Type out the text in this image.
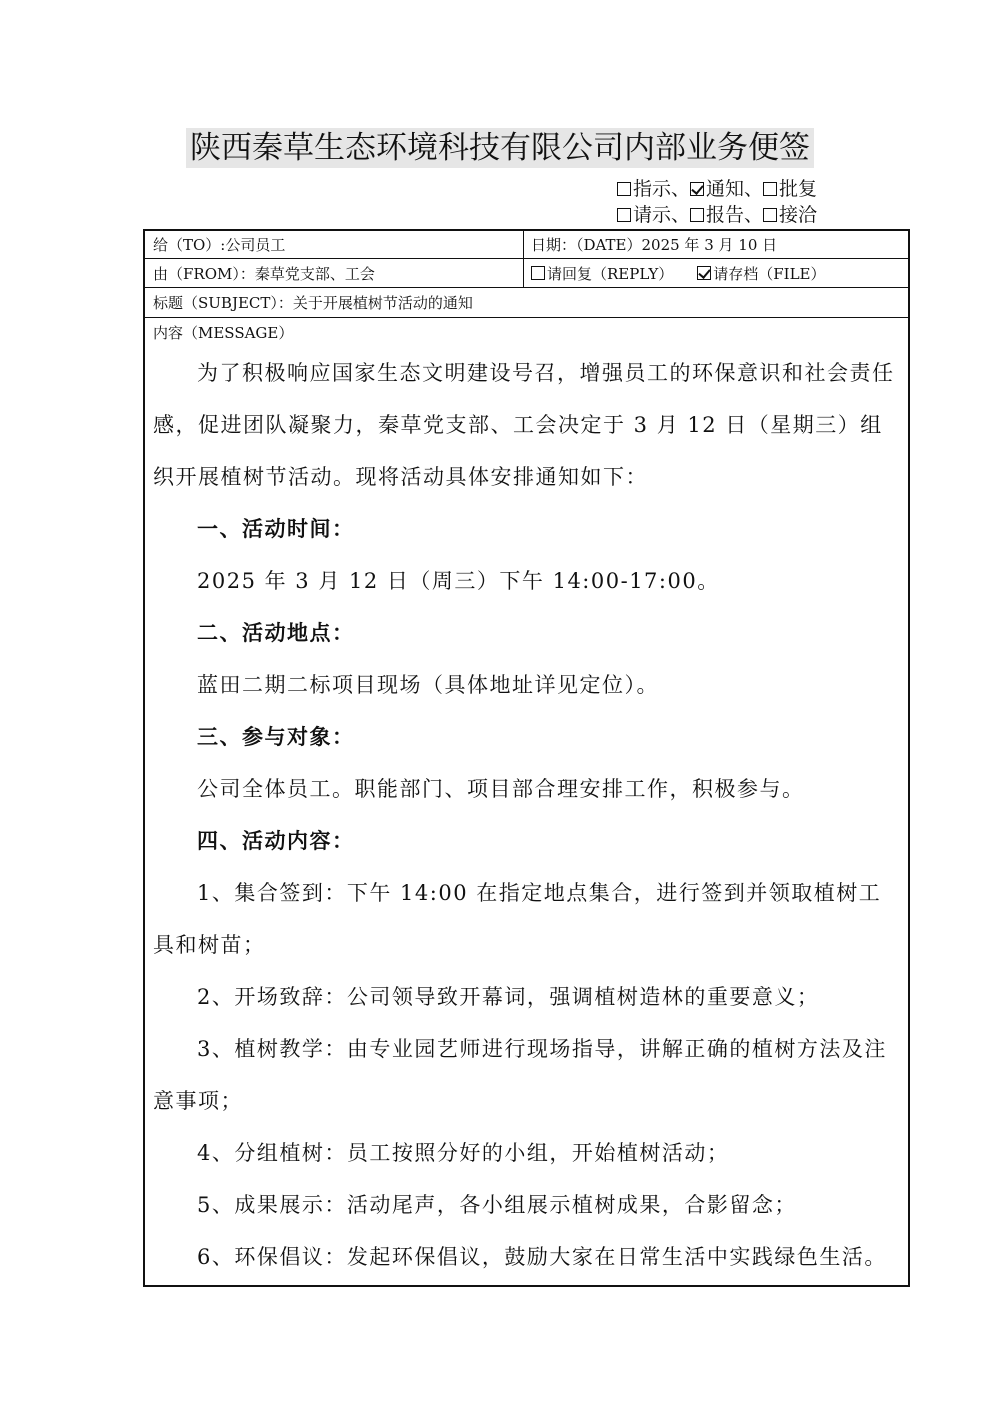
陕西秦草生态环境科技有限公司内部业务便签
指示、 通知、 批复
请示、 报告、 接洽
给（TO）:公司员工	日期：（DATE）2025 年 3 月 10 日
由（FROM）：秦草党支部、工会	请回复（REPLY）	请存档（FILE）
标题（SUBJECT）：关于开展植树节活动的通知
内容（MESSAGE）

为了积极响应国家生态文明建设号召，增强员工的环保意识和社会责任感，促进团队凝聚力，秦草党支部、工会决定于 3 月 12 日（星期三）组织开展植树节活动。现将活动具体安排通知如下：

一、活动时间：

2025 年 3 月 12 日（周三）下午 14:00-17:00。

二、活动地点：

蓝田二期二标项目现场（具体地址详见定位）。

三、参与对象：

公司全体员工。职能部门、项目部合理安排工作，积极参与。

四、活动内容：

1、集合签到：下午 14:00 在指定地点集合，进行签到并领取植树工具和树苗；

2、开场致辞：公司领导致开幕词，强调植树造林的重要意义；

3、植树教学：由专业园艺师进行现场指导，讲解正确的植树方法及注意事项；

4、分组植树：员工按照分好的小组，开始植树活动；

5、成果展示：活动尾声，各小组展示植树成果，合影留念；

6、环保倡议：发起环保倡议，鼓励大家在日常生活中实践绿色生活。
